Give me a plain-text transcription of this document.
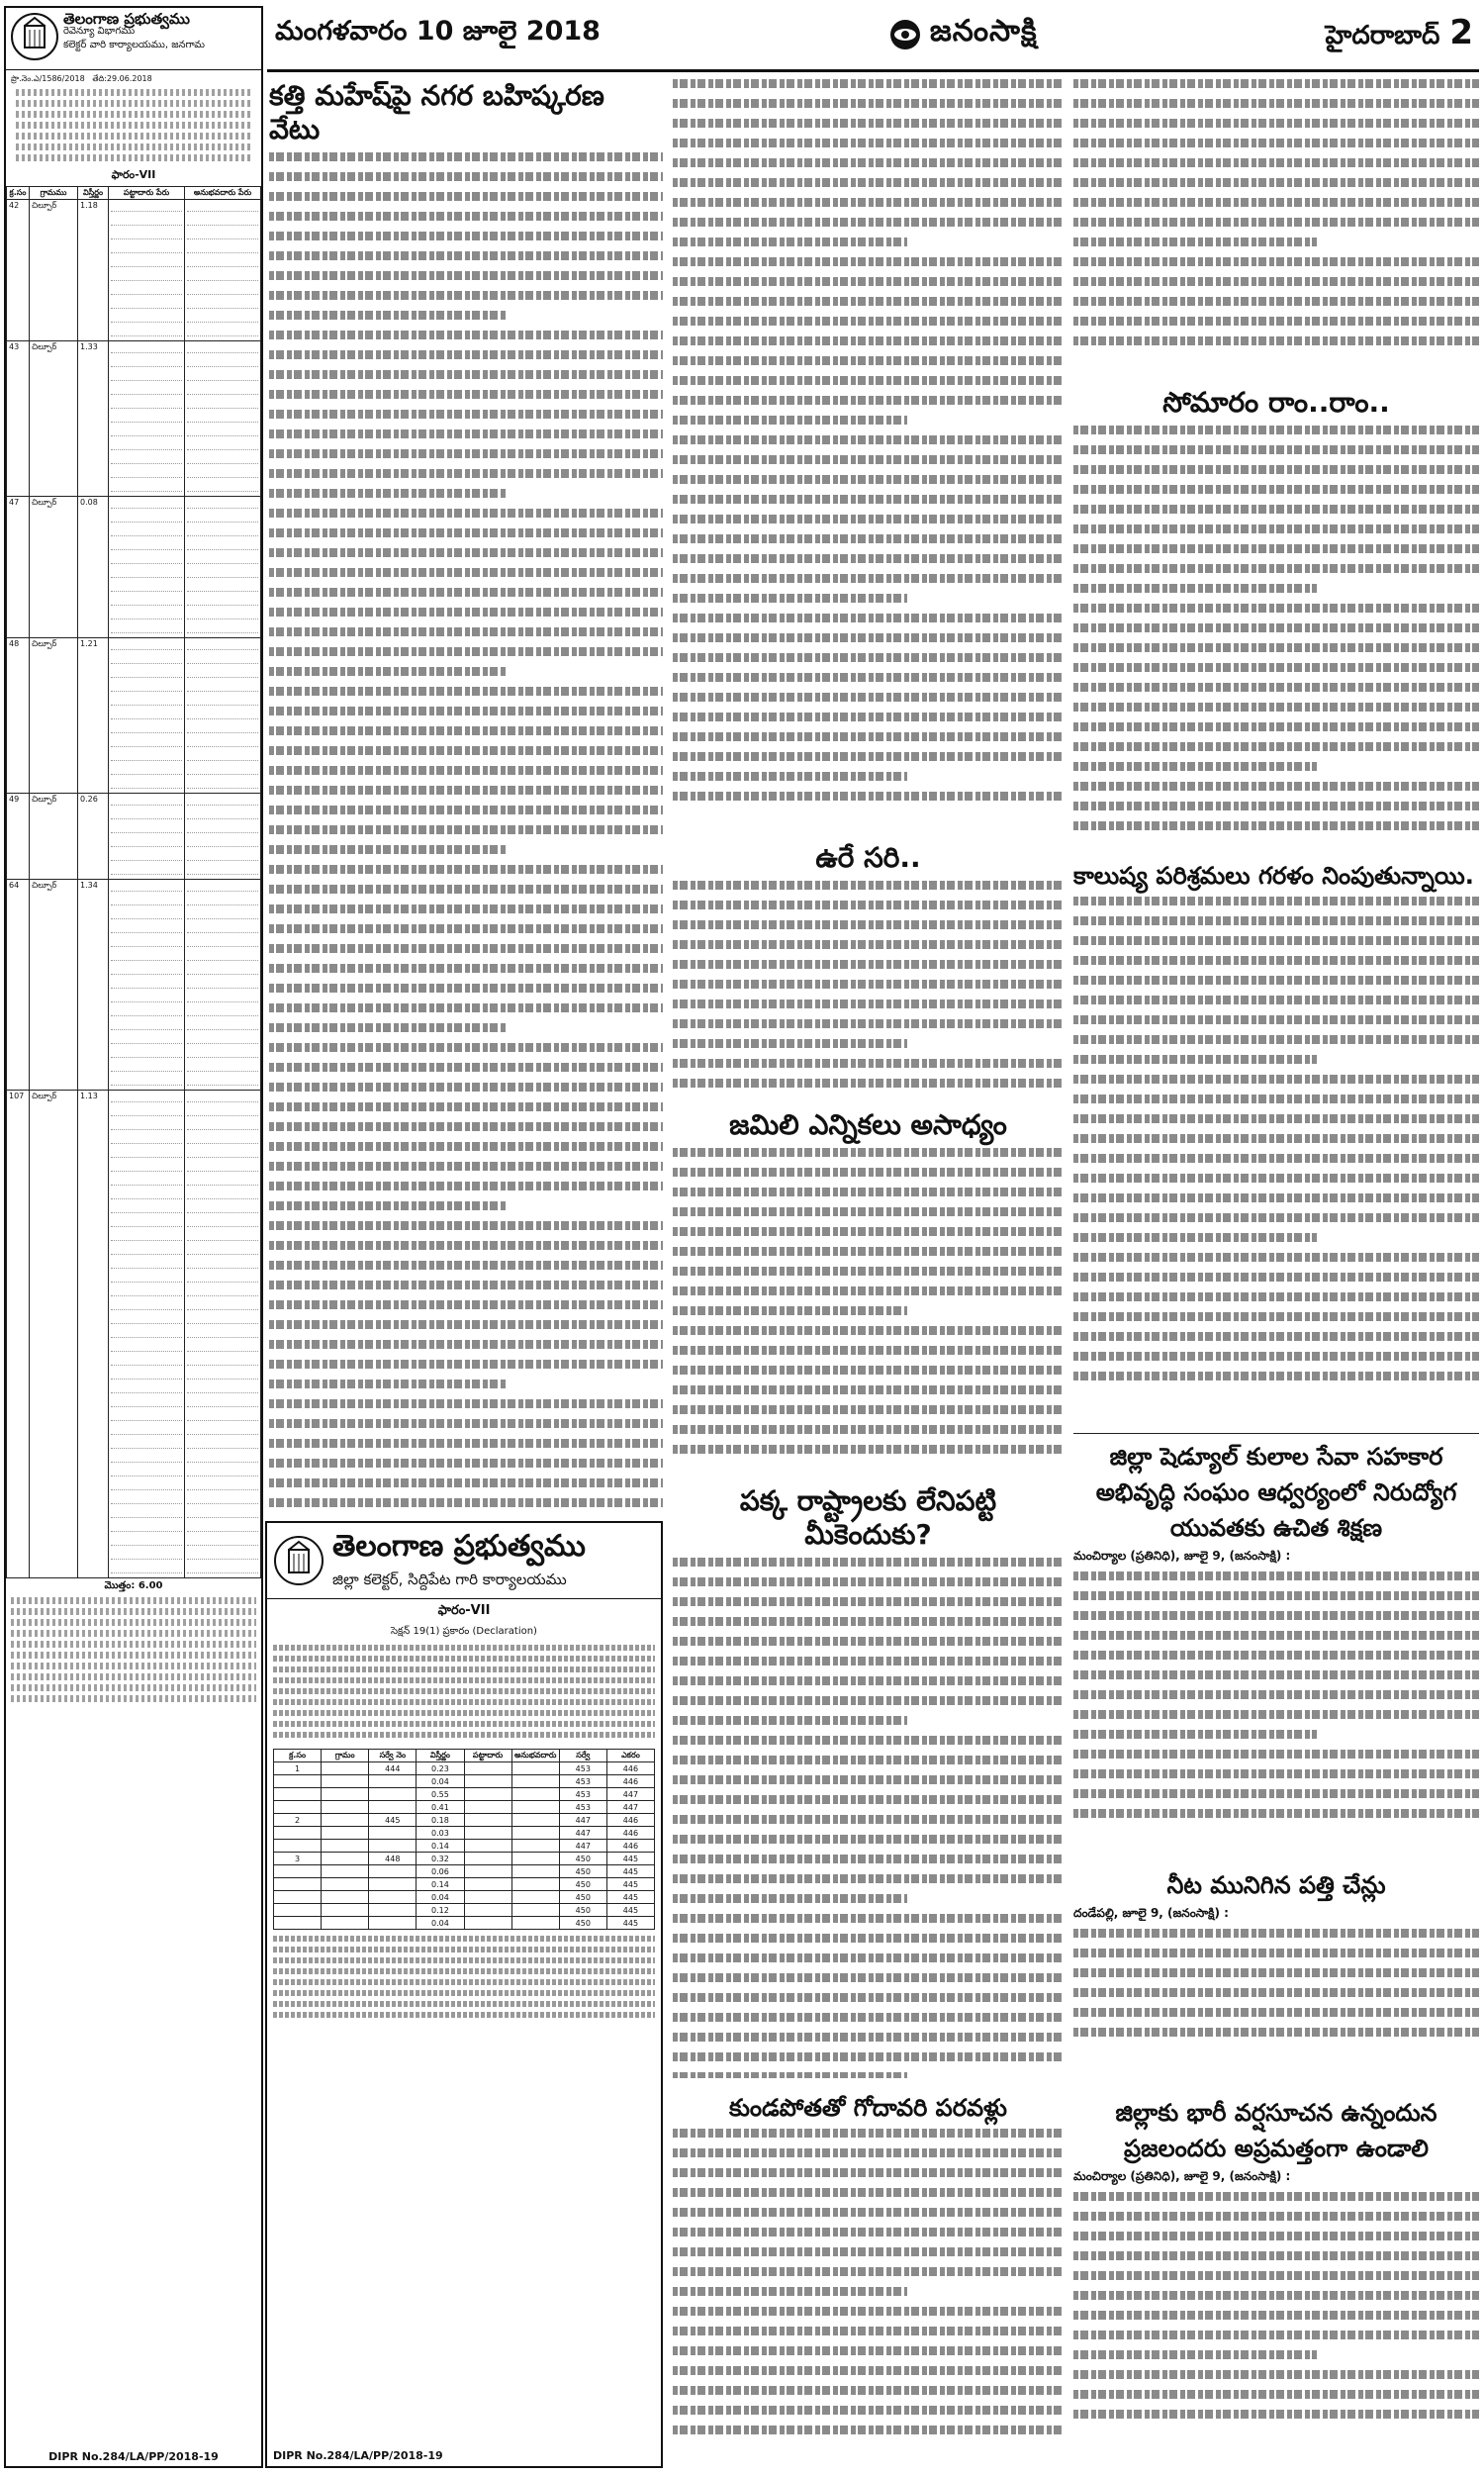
మంగళవారం 10 జూలై 2018	జనంసాక్షి	హైదరాబాద్ 2
తెలంగాణ ప్రభుత్వము
రెవెన్యూ విభాగము
కలెక్టర్ వారి కార్యాలయము, జనగామ

ప్రొ.నెం.ఎ/1586/2018 తేది:29.06.2018

ఫారం-VII
క్ర.సం	గ్రామము	విస్తీర్ణం	పట్టాదారు పేరు	అనుభవదారు పేరు
42	చిల్పూర్	1.18	

43	చిల్పూర్	1.33	

47	చిల్పూర్	0.08	

48	చిల్పూర్	1.21	

49	చిల్పూర్	0.26	

64	చిల్పూర్	1.34	

107	చిల్పూర్	1.13	

మొత్తం: 6.00
DIPR No.284/LA/PP/2018-19
కత్తి మహేష్‌పై నగర బహిష్కరణ వేటు
ఉరే సరి..
జమిలి ఎన్నికలు అసాధ్యం
పక్క రాష్ట్రాలకు లేనిపట్టి మీకెందుకు?
కుండపోతతో గోదావరి పరవళ్లు
సోమారం రాం..రాం..
కాలుష్య పరిశ్రమలు గరళం నింపుతున్నాయి.
జిల్లా షెడ్యూల్ కులాల సేవా సహకార
అభివృద్ధి సంఘం ఆధ్వర్యంలో నిరుద్యోగ
యువతకు ఉచిత శిక్షణ
మంచిర్యాల (ప్రతినిధి), జూలై 9, (జనంసాక్షి) :
నీట మునిగిన పత్తి చేన్లు
దండేపల్లి, జూలై 9, (జనంసాక్షి) :
జిల్లాకు భారీ వర్షసూచన ఉన్నందున
ప్రజలందరు అప్రమత్తంగా ఉండాలి
మంచిర్యాల (ప్రతినిధి), జూలై 9, (జనంసాక్షి) :
తెలంగాణ ప్రభుత్వము
జిల్లా కలెక్టర్, సిద్దిపేట గారి కార్యాలయము
ఫారం-VII
సెక్షన్ 19(1) ప్రకారం (Declaration)
క్ర.సం	గ్రామం	సర్వే నెం	విస్తీర్ణం	పట్టాదారు	అనుభవదారు	సర్వే	ఎకరం
1		444	0.23			453	446
			0.04			453	446
			0.55			453	447
			0.41			453	447
2		445	0.18			447	446
			0.03			447	446
			0.14			447	446
3		448	0.32			450	445
			0.06			450	445
			0.14			450	445
			0.04			450	445
			0.12			450	445
			0.04			450	445
DIPR No.284/LA/PP/2018-19
